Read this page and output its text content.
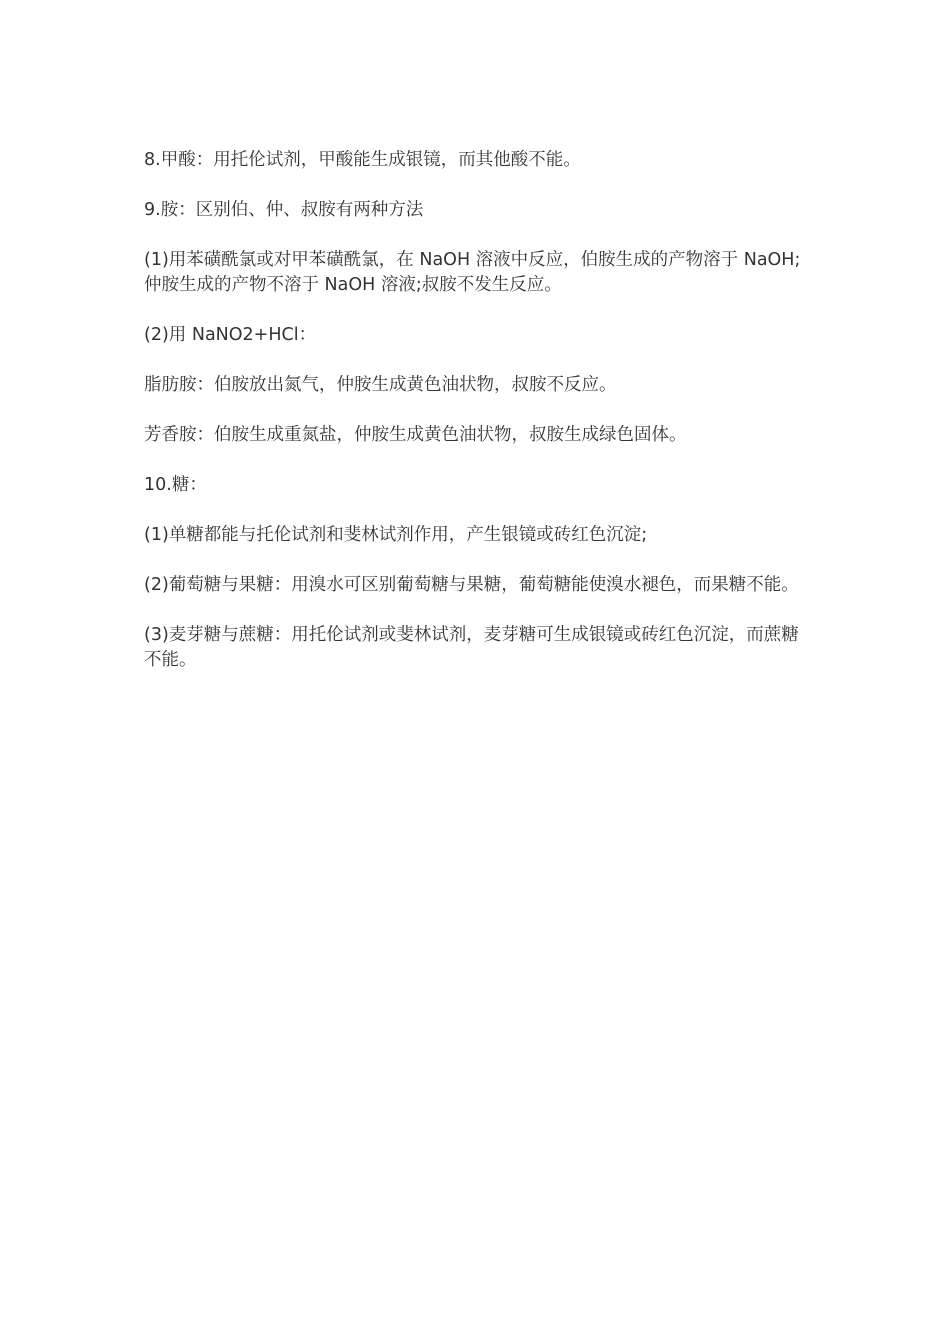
8.甲酸：用托伦试剂，甲酸能生成银镜，而其他酸不能。

9.胺：区别伯、仲、叔胺有两种方法

(1)用苯磺酰氯或对甲苯磺酰氯，在 NaOH 溶液中反应，伯胺生成的产物溶于 NaOH;仲胺生成的产物不溶于 NaOH 溶液;叔胺不发生反应。

(2)用 NaNO2+HCl：

脂肪胺：伯胺放出氮气，仲胺生成黄色油状物，叔胺不反应。

芳香胺：伯胺生成重氮盐，仲胺生成黄色油状物，叔胺生成绿色固体。

10.糖：

(1)单糖都能与托伦试剂和斐林试剂作用，产生银镜或砖红色沉淀;

(2)葡萄糖与果糖：用溴水可区别葡萄糖与果糖，葡萄糖能使溴水褪色，而果糖不能。

(3)麦芽糖与蔗糖：用托伦试剂或斐林试剂，麦芽糖可生成银镜或砖红色沉淀，而蔗糖不能。
